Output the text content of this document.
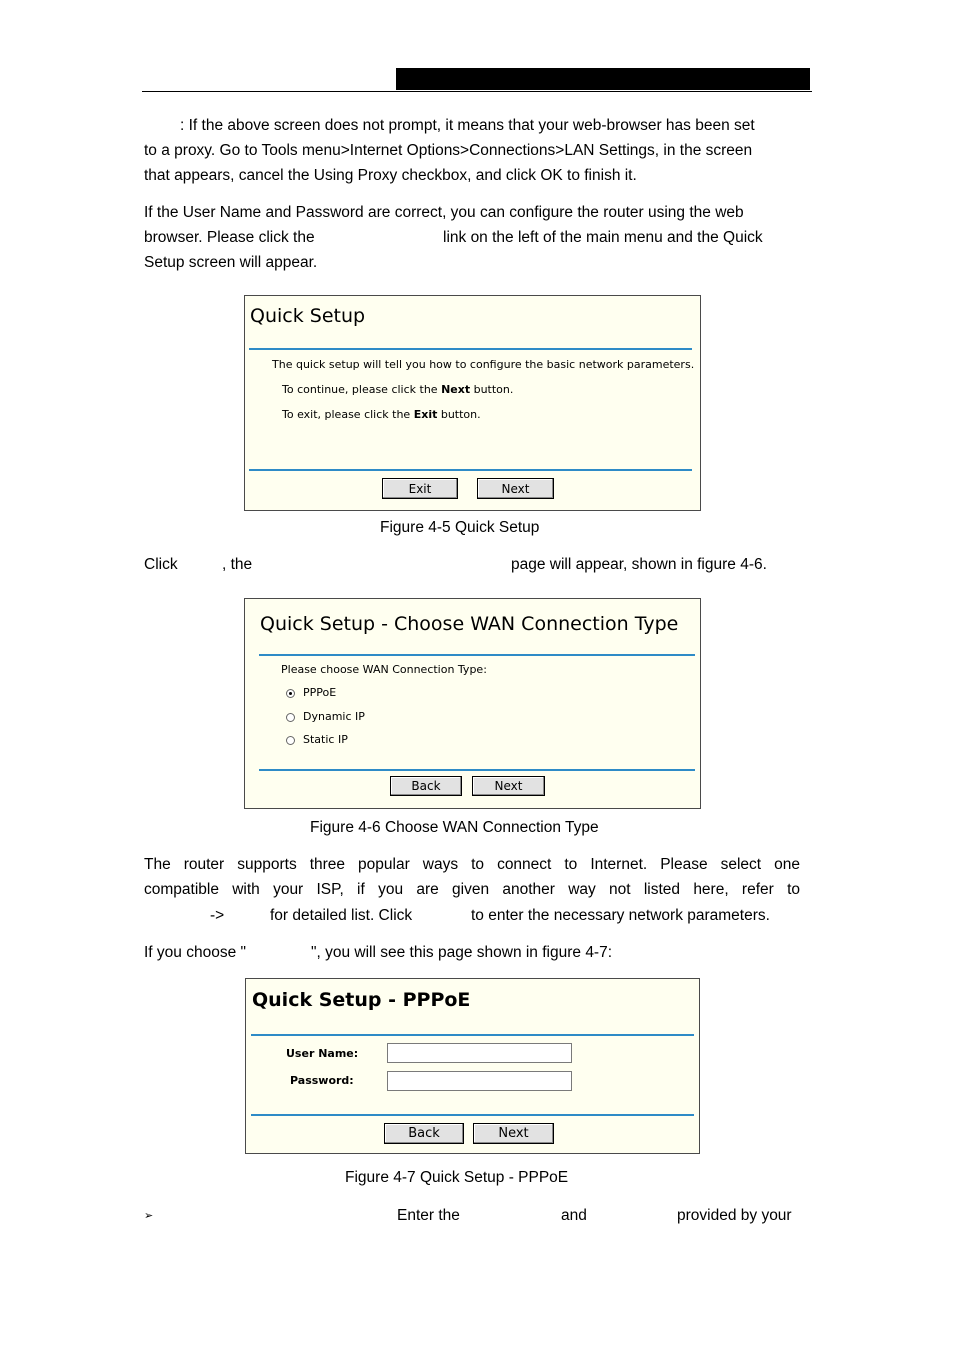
: If the above screen does not prompt, it means that your web-browser has been set
to a proxy. Go to Tools menu>Internet Options>Connections>LAN Settings, in the screen
that appears, cancel the Using Proxy checkbox, and click OK to finish it.
If the User Name and Password are correct, you can configure the router using the web
browser. Please click the	link on the left of the main menu and the Quick
Setup screen will appear.
Quick Setup
The quick setup will tell you how to configure the basic network parameters.
To continue, please click the Next button.
To exit, please click the Exit button.
Exit	Next
Figure 4-5 Quick Setup
Click	, the	page will appear, shown in figure 4-6.
Quick Setup - Choose WAN Connection Type
Please choose WAN Connection Type:
PPPoE
Dynamic IP
Static IP
Back	Next
Figure 4-6 Choose WAN Connection Type
The router supports three popular ways to connect to Internet. Please select one
compatible with your ISP, if you are given another way not listed here, refer to
->	for detailed list. Click	to enter the necessary network parameters.
If you choose "	", you will see this page shown in figure 4-7:
Quick Setup - PPPoE
User Name:
Password:
Back	Next
Figure 4-7 Quick Setup - PPPoE
➢	Enter the	and	provided by your
